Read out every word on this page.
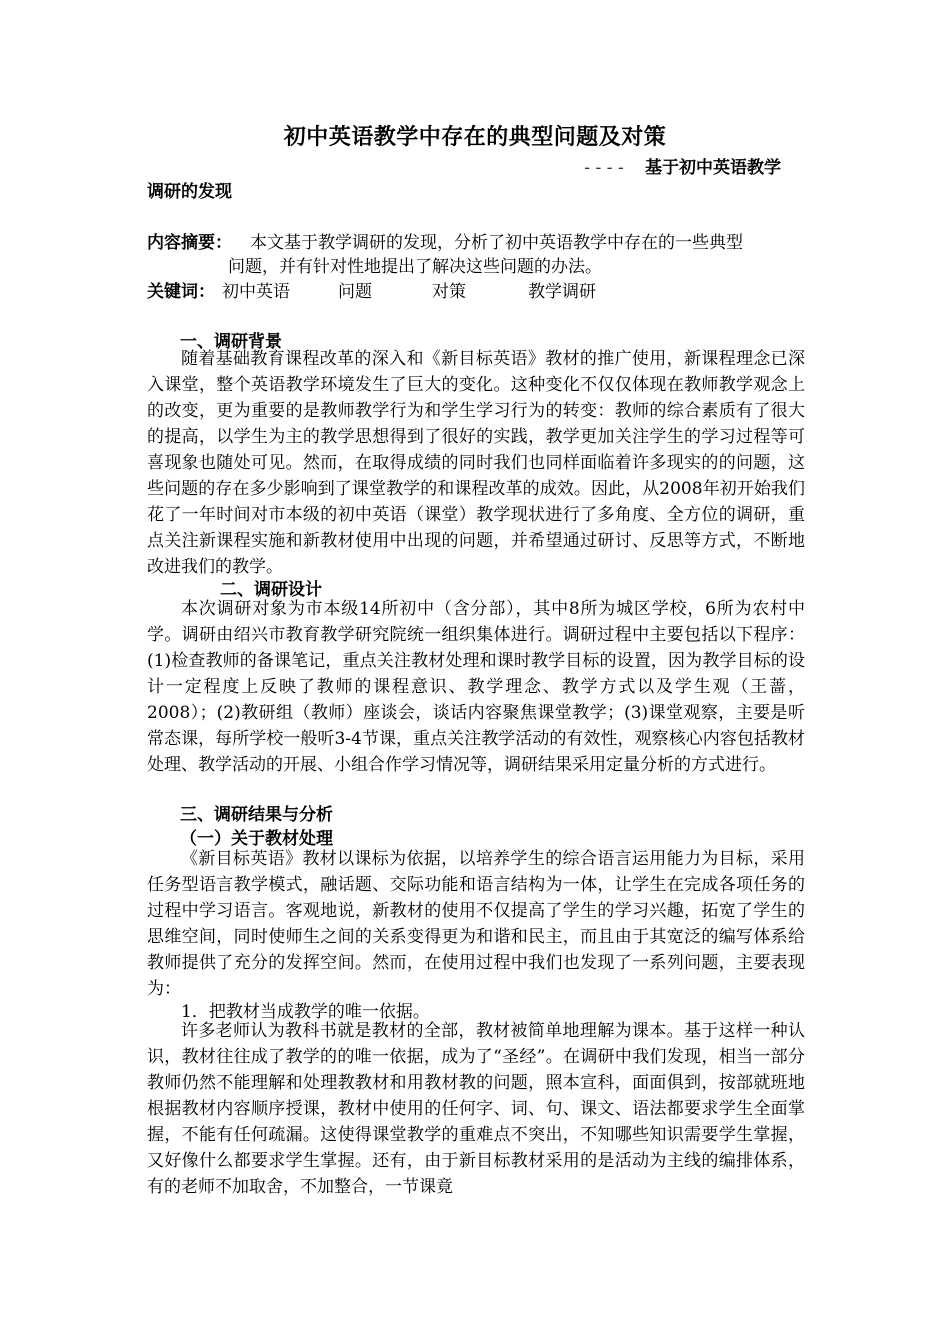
初中英语教学中存在的典型问题及对策
---- 基于初中英语教学
调研的发现
内容摘要： 本文基于教学调研的发现，分析了初中英语教学中存在的一些典型
问题，并有针对性地提出了解决这些问题的办法。
关键词： 初中英语	问题	对策	教学调研
一、调研背景

随着基础教育课程改革的深入和《新目标英语》教材的推广使用，新课程理念已深入课堂，整个英语教学环境发生了巨大的变化。这种变化不仅仅体现在教师教学观念上的改变，更为重要的是教师教学行为和学生学习行为的转变：教师的综合素质有了很大的提高，以学生为主的教学思想得到了很好的实践，教学更加关注学生的学习过程等可喜现象也随处可见。然而，在取得成绩的同时我们也同样面临着许多现实的的问题，这些问题的存在多少影响到了课堂教学的和课程改革的成效。因此，从2008年初开始我们花了一年时间对市本级的初中英语（课堂）教学现状进行了多角度、全方位的调研，重点关注新课程实施和新教材使用中出现的问题，并希望通过研讨、反思等方式，不断地改进我们的教学。

二、调研设计

本次调研对象为市本级14所初中（含分部），其中8所为城区学校，6所为农村中学。调研由绍兴市教育教学研究院统一组织集体进行。调研过程中主要包括以下程序：(1)检查教师的备课笔记，重点关注教材处理和课时教学目标的设置，因为教学目标的设计一定程度上反映了教师的课程意识、教学理念、教学方式以及学生观（王蔷，2008）；(2)教研组（教师）座谈会，谈话内容聚焦课堂教学；(3)课堂观察，主要是听常态课，每所学校一般听3-4节课，重点关注教学活动的有效性，观察核心内容包括教材处理、教学活动的开展、小组合作学习情况等，调研结果采用定量分析的方式进行。

三、调研结果与分析
（一）关于教材处理

《新目标英语》教材以课标为依据，以培养学生的综合语言运用能力为目标，采用任务型语言教学模式，融话题、交际功能和语言结构为一体，让学生在完成各项任务的过程中学习语言。客观地说，新教材的使用不仅提高了学生的学习兴趣，拓宽了学生的思维空间，同时使师生之间的关系变得更为和谐和民主，而且由于其宽泛的编写体系给教师提供了充分的发挥空间。然而，在使用过程中我们也发现了一系列问题，主要表现为：

1．把教材当成教学的唯一依据。

许多老师认为教科书就是教材的全部，教材被简单地理解为课本。基于这样一种认识，教材往往成了教学的的唯一依据，成为了“圣经”。在调研中我们发现，相当一部分教师仍然不能理解和处理教教材和用教材教的问题，照本宣科，面面俱到，按部就班地根据教材内容顺序授课，教材中使用的任何字、词、句、课文、语法都要求学生全面掌握，不能有任何疏漏。这使得课堂教学的重难点不突出，不知哪些知识需要学生掌握，又好像什么都要求学生掌握。还有，由于新目标教材采用的是活动为主线的编排体系，有的老师不加取舍，不加整合，一节课竟
